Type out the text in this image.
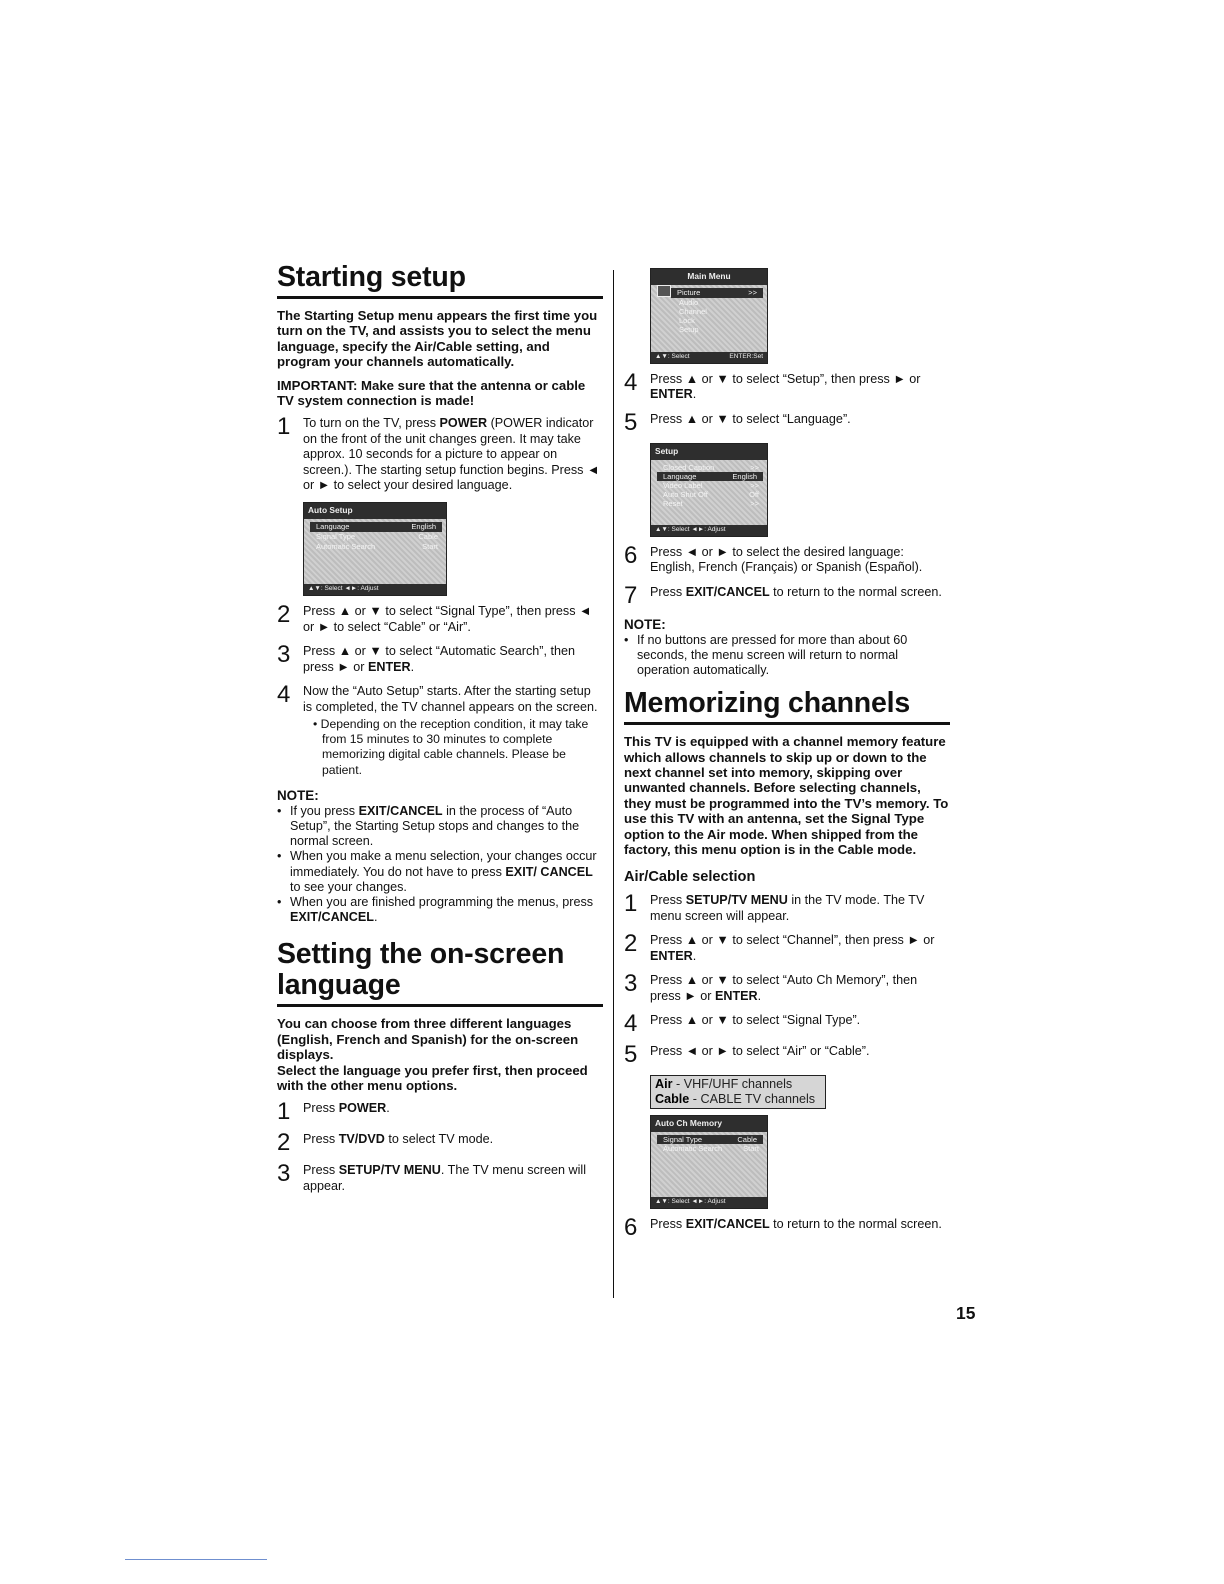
Starting setup

The Starting Setup menu appears the first time you turn on the TV, and assists you to select the menu language, specify the Air/Cable setting, and program your channels automatically.

IMPORTANT: Make sure that the antenna or cable TV system connection is made!

1	To turn on the TV, press POWER (POWER indicator on the front of the unit changes green. It may take approx. 10 seconds for a picture to appear on screen.). The starting setup function begins. Press ◄ or ► to select your desired language.
Auto Setup
Language	English
Signal Type	Cable
Automatic Search	Start
▲▼: Select ◄►: Adjust
2	Press ▲ or ▼ to select “Signal Type”, then press ◄ or ► to select “Cable” or “Air”.
3	Press ▲ or ▼ to select “Automatic Search”, then press ► or ENTER.
4	Now the “Auto Setup” starts. After the starting setup is completed, the TV channel appears on the screen.
• Depending on the reception condition, it may take from 15 minutes to 30 minutes to complete memorizing digital cable channels. Please be patient.
NOTE:

• If you press EXIT/CANCEL in the process of “Auto Setup”, the Starting Setup stops and changes to the normal screen.

• When you make a menu selection, your changes occur immediately. You do not have to press EXIT/ CANCEL to see your changes.

• When you are finished programming the menus, press EXIT/CANCEL.

Setting the on-screen language

You can choose from three different languages (English, French and Spanish) for the on-screen displays.

Select the language you prefer first, then proceed with the other menu options.

1	Press POWER.
2	Press TV/DVD to select TV mode.
3	Press SETUP/TV MENU. The TV menu screen will appear.
Main Menu
Picture	>>
Audio
Channel
Lock
Setup
▲▼: Select	ENTER:Set
4	Press ▲ or ▼ to select “Setup”, then press ► or ENTER.
5	Press ▲ or ▼ to select “Language”.
Setup
Closed Caption	>>
Language	English
Video Label	>>
Auto Shut Off	Off
Reset	>>
▲▼: Select ◄►: Adjust
6	Press ◄ or ► to select the desired language: English, French (Français) or Spanish (Español).
7	Press EXIT/CANCEL to return to the normal screen.
NOTE:

• If no buttons are pressed for more than about 60 seconds, the menu screen will return to normal operation automatically.

Memorizing channels

This TV is equipped with a channel memory feature which allows channels to skip up or down to the next channel set into memory, skipping over unwanted channels. Before selecting channels, they must be programmed into the TV’s memory. To use this TV with an antenna, set the Signal Type option to the Air mode. When shipped from the factory, this menu option is in the Cable mode.

Air/Cable selection
1	Press SETUP/TV MENU in the TV mode. The TV menu screen will appear.
2	Press ▲ or ▼ to select “Channel”, then press ► or ENTER.
3	Press ▲ or ▼ to select “Auto Ch Memory”, then press ► or ENTER.
4	Press ▲ or ▼ to select “Signal Type”.
5	Press ◄ or ► to select “Air” or “Cable”.
Air - VHF/UHF channels
Cable - CABLE TV channels
Auto Ch Memory
Signal Type	Cable
Automatic Search	Start
▲▼: Select ◄►: Adjust
6	Press EXIT/CANCEL to return to the normal screen.
15
